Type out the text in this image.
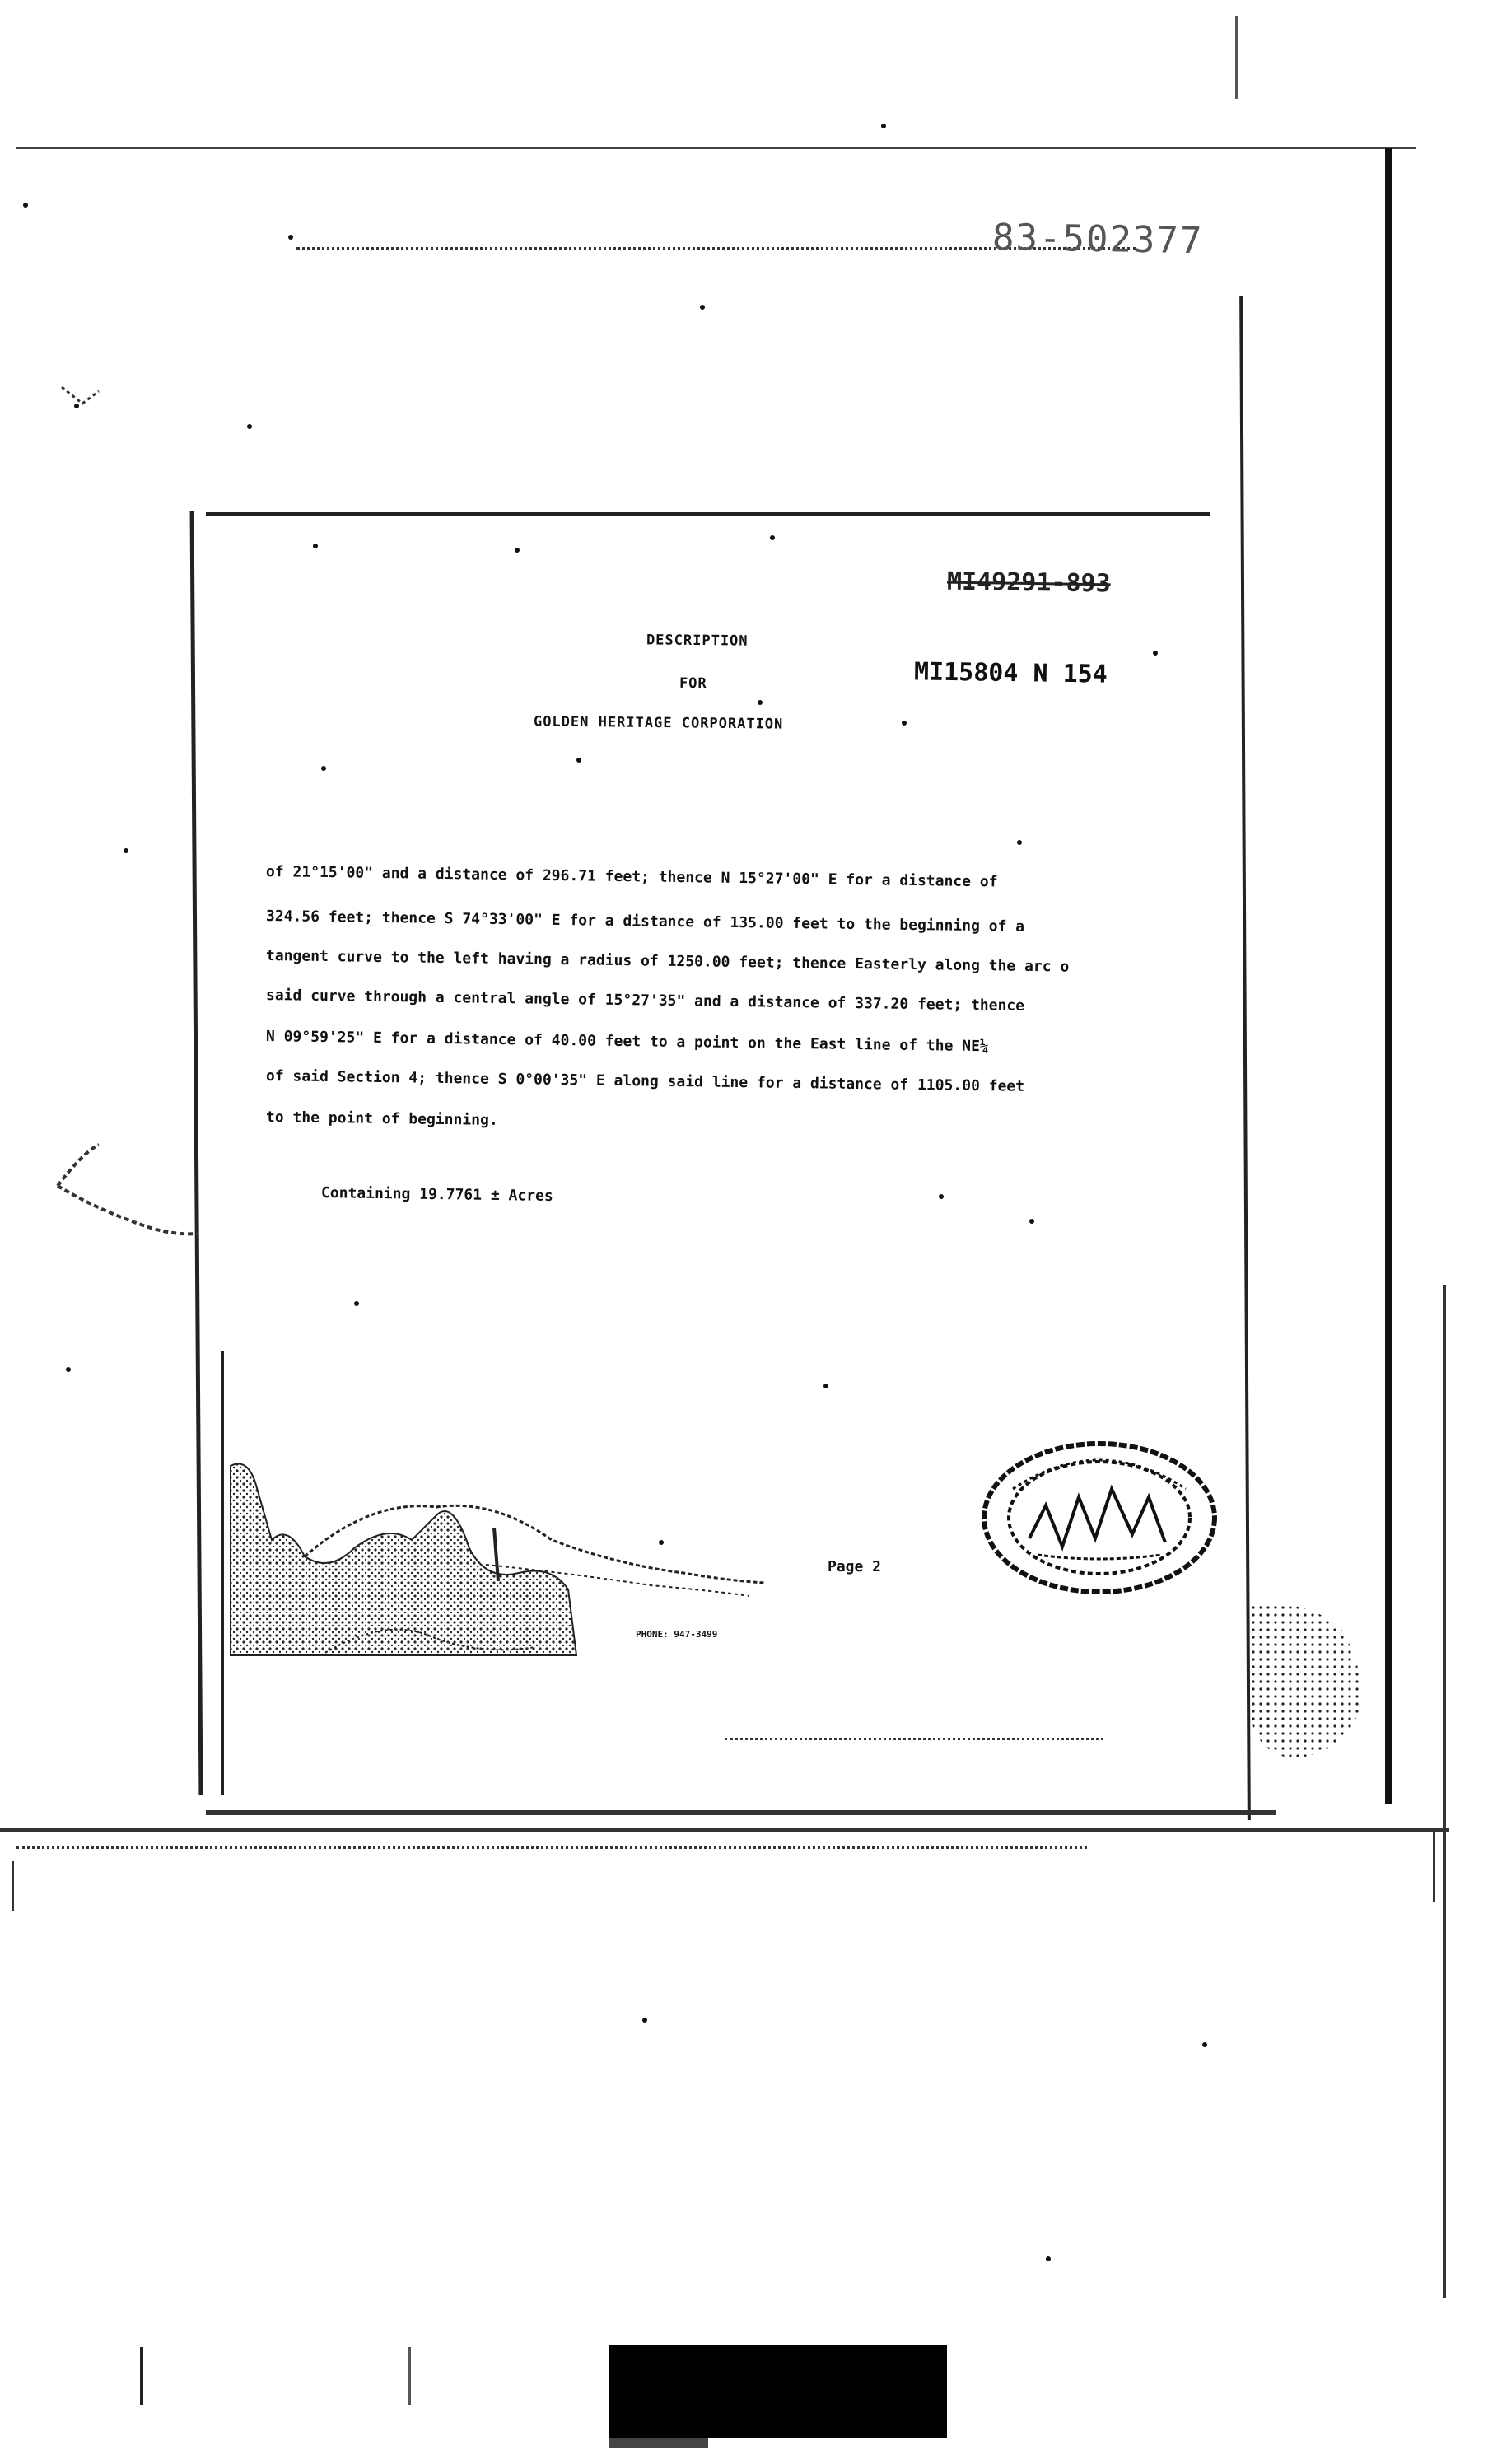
83-502377
MI49291-893
MI15804 N 154
DESCRIPTION
FOR
GOLDEN HERITAGE CORPORATION
of 21°15'00" and a distance of 296.71 feet; thence N 15°27'00" E for a distance of
324.56 feet; thence S 74°33'00" E for a distance of 135.00 feet to the beginning of a
tangent curve to the left having a radius of 1250.00 feet; thence Easterly along the arc o
said curve through a central angle of 15°27'35" and a distance of 337.20 feet; thence
N 09°59'25" E for a distance of 40.00 feet to a point on the East line of the NE¼
of said Section 4; thence S 0°00'35" E along said line for a distance of 1105.00 feet
to the point of beginning.
Containing 19.7761 ± Acres
Page 2
PHONE: 947-3499
